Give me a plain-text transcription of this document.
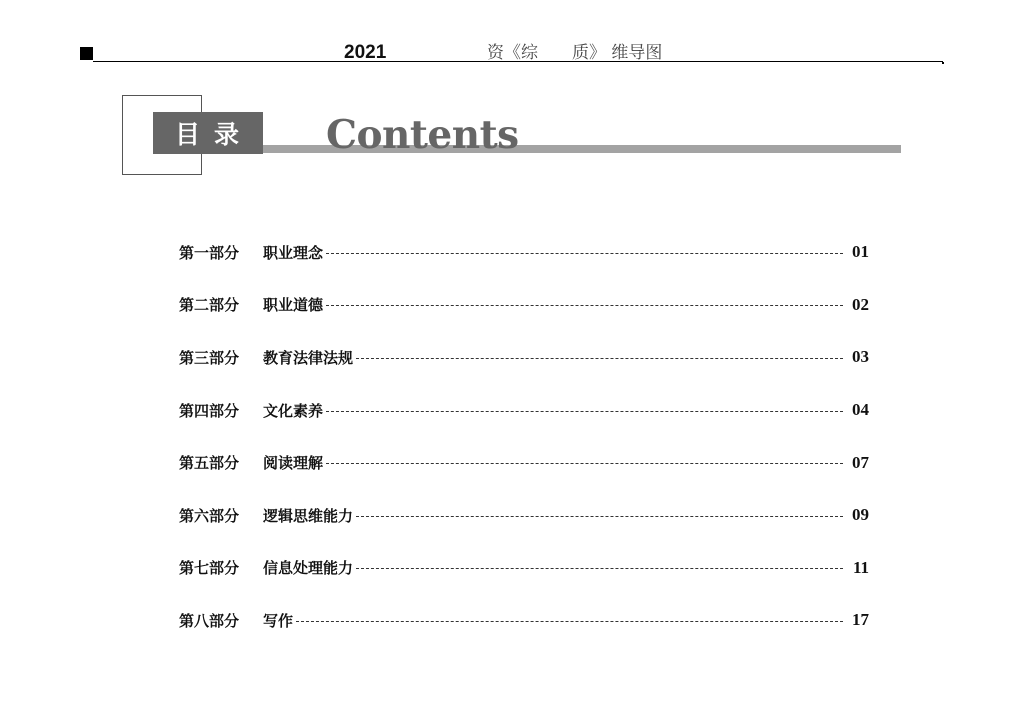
2021	资《综　　质》 维导图
目录 Contents
第一部分	职业理念	01
第二部分	职业道德	02
第三部分	教育法律法规	03
第四部分	文化素养	04
第五部分	阅读理解	07
第六部分	逻辑思维能力	09
第七部分	信息处理能力	11
第八部分	写作	17
